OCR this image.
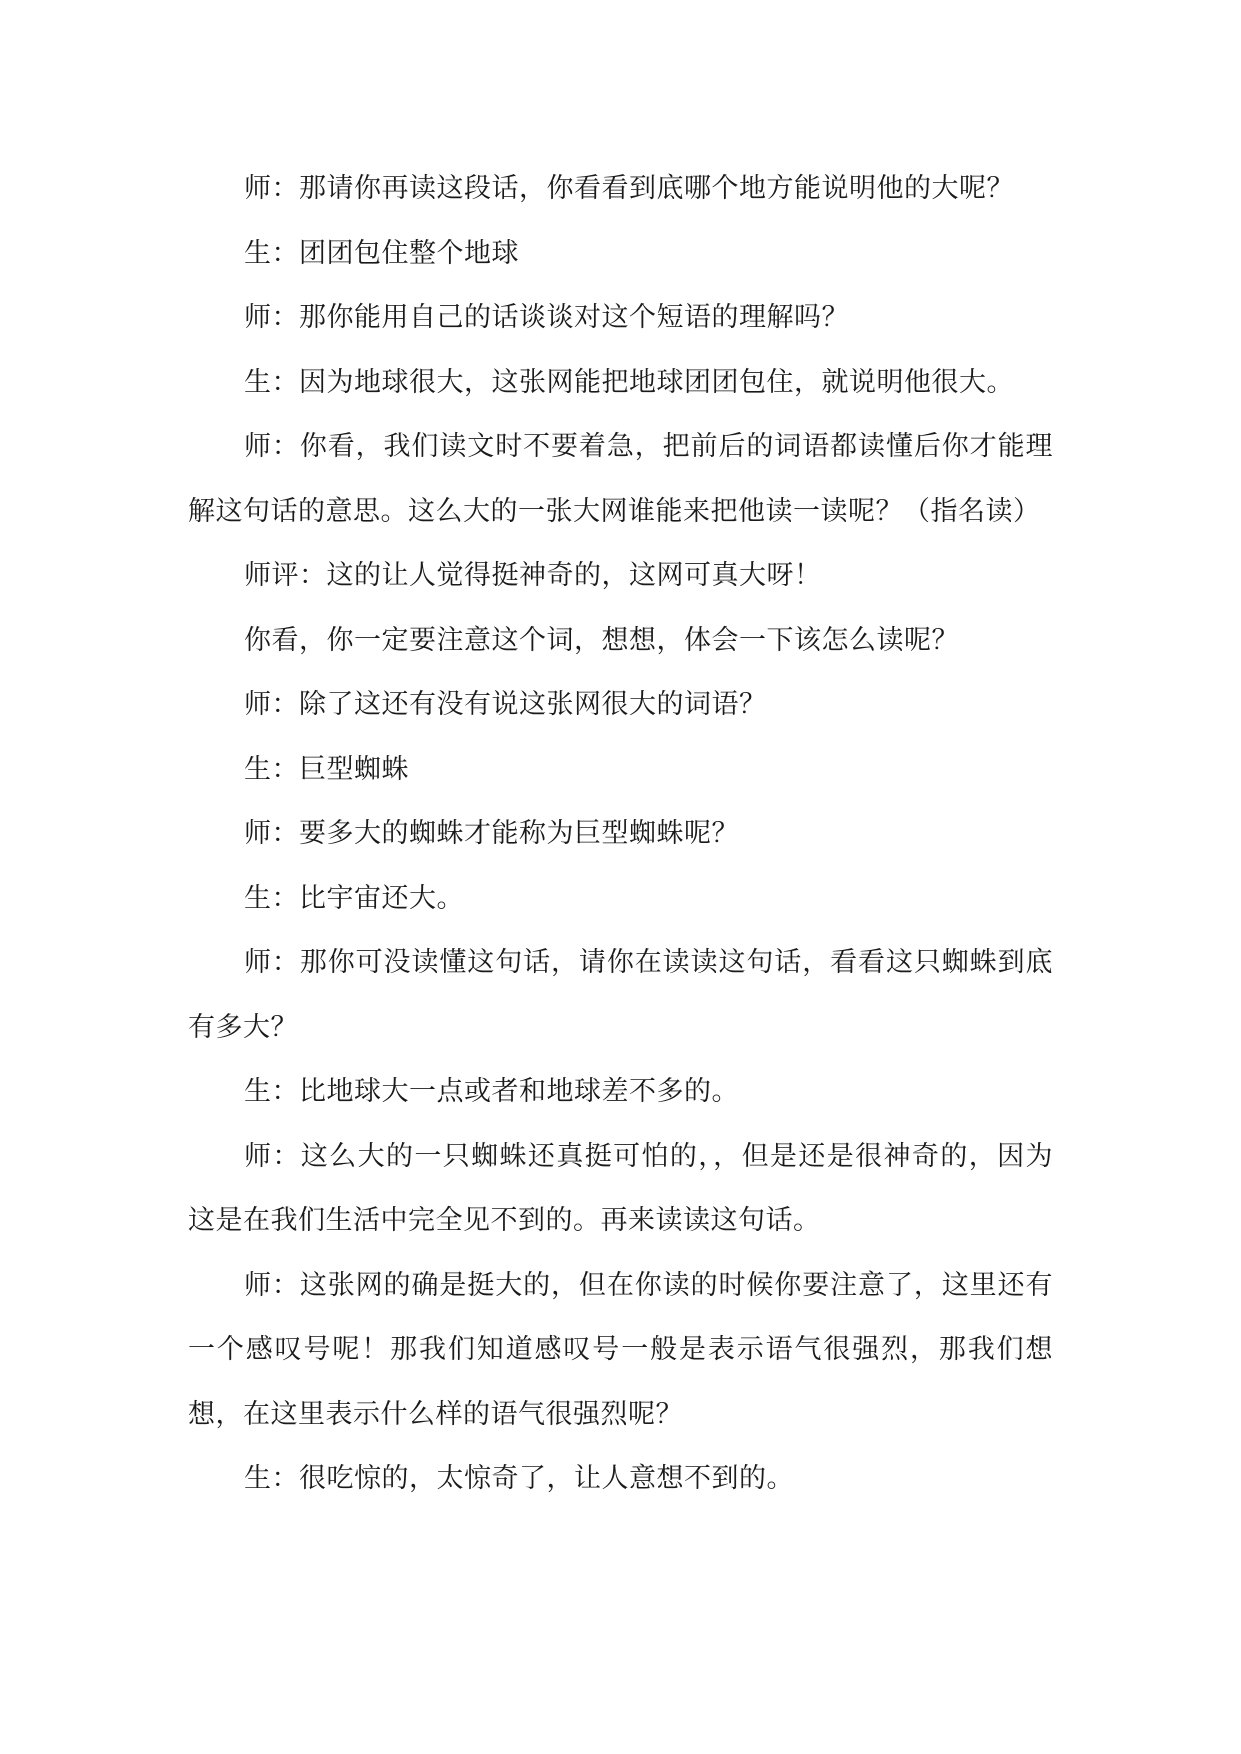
师：那请你再读这段话，你看看到底哪个地方能说明他的大呢？

生：团团包住整个地球

师：那你能用自己的话谈谈对这个短语的理解吗？

生：因为地球很大，这张网能把地球团团包住，就说明他很大。

师：你看，我们读文时不要着急，把前后的词语都读懂后你才能理解这句话的意思。这么大的一张大网谁能来把他读一读呢？（指名读）

师评：这的让人觉得挺神奇的，这网可真大呀！

你看，你一定要注意这个词，想想，体会一下该怎么读呢？

师：除了这还有没有说这张网很大的词语？

生：巨型蜘蛛

师：要多大的蜘蛛才能称为巨型蜘蛛呢？

生：比宇宙还大。

师：那你可没读懂这句话，请你在读读这句话，看看这只蜘蛛到底有多大？

生：比地球大一点或者和地球差不多的。

师：这么大的一只蜘蛛还真挺可怕的，，但是还是很神奇的，因为这是在我们生活中完全见不到的。再来读读这句话。

师：这张网的确是挺大的，但在你读的时候你要注意了，这里还有一个感叹号呢！那我们知道感叹号一般是表示语气很强烈，那我们想想，在这里表示什么样的语气很强烈呢？

生：很吃惊的，太惊奇了，让人意想不到的。
